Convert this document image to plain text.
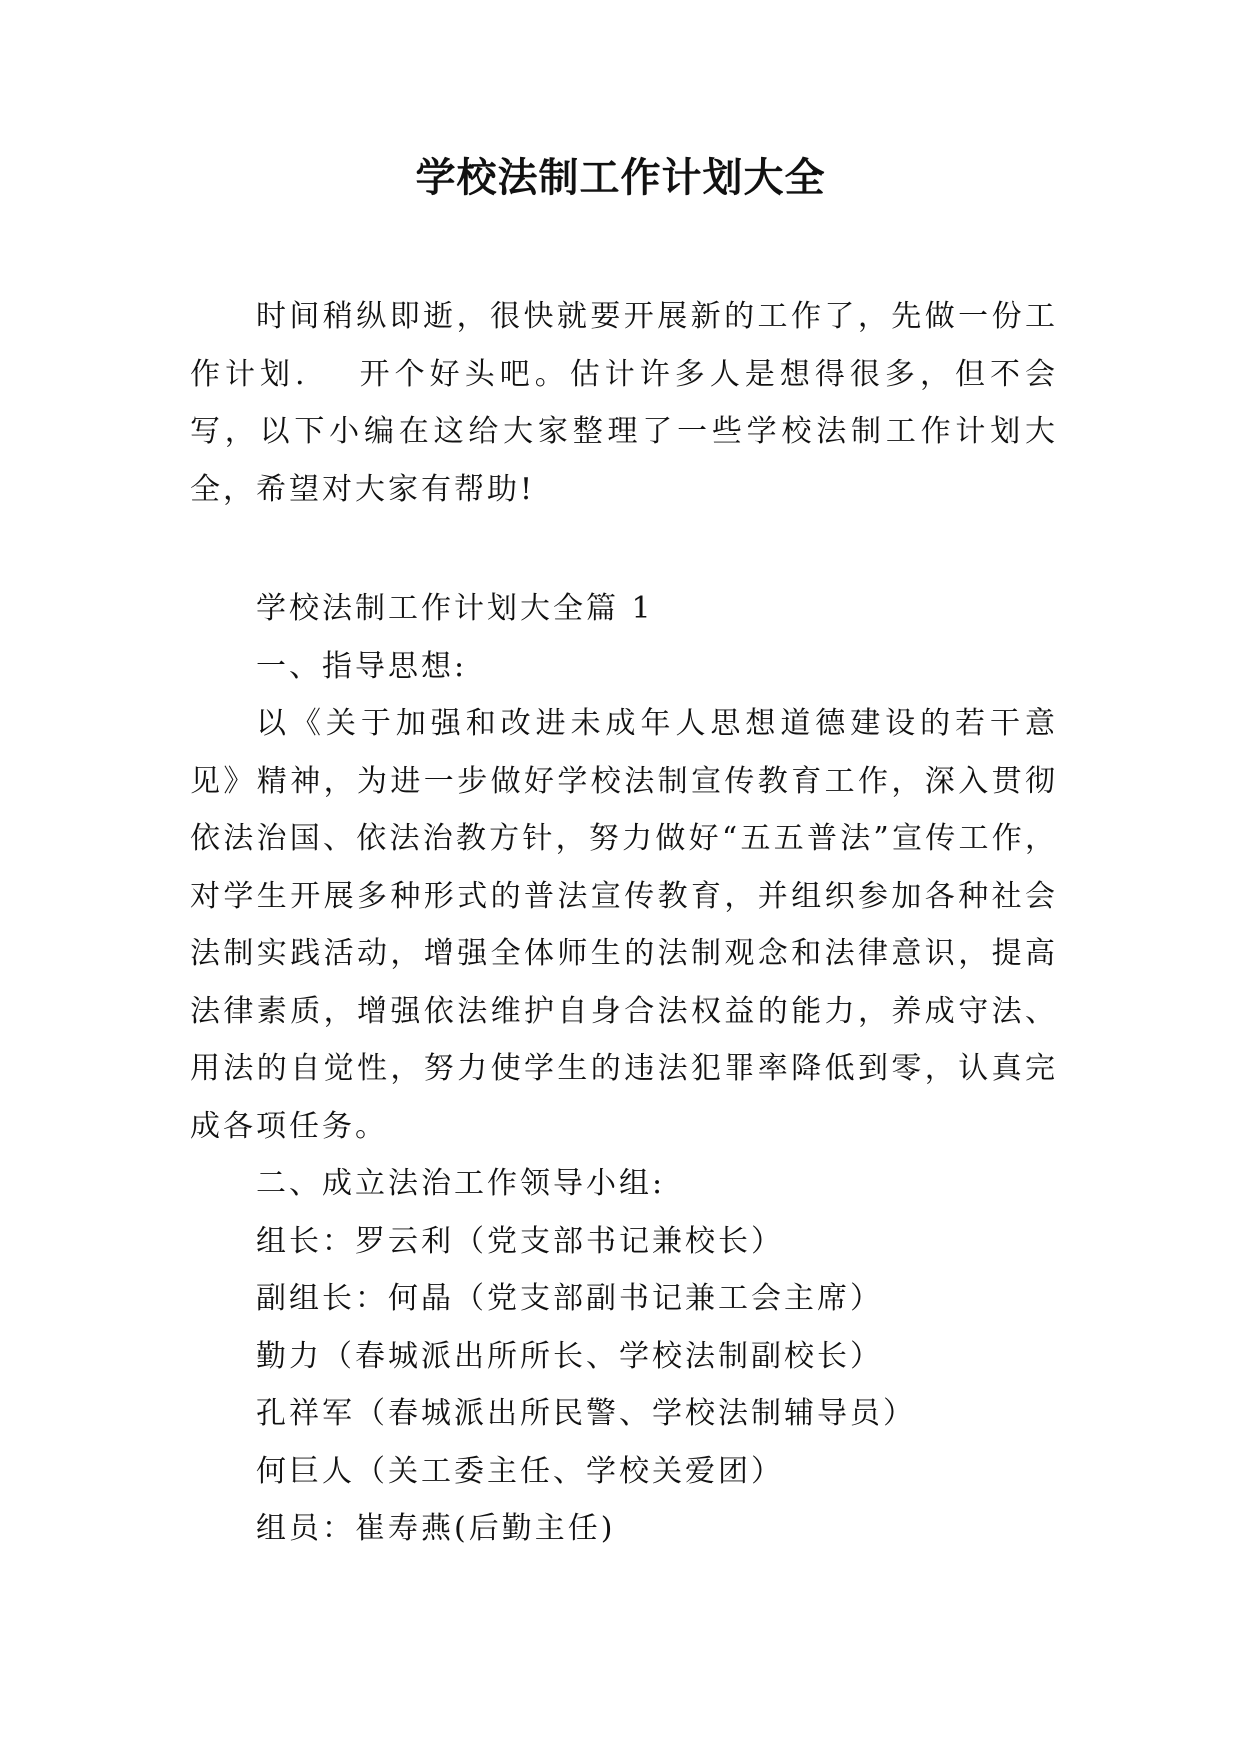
学校法制工作计划大全

时间稍纵即逝，很快就要开展新的工作了，先做一份工作计划. 开个好头吧。估计许多人是想得很多，但不会写，以下小编在这给大家整理了一些学校法制工作计划大全，希望对大家有帮助!

学校法制工作计划大全篇 1

一、指导思想:

以《关于加强和改进未成年人思想道德建设的若干意见》精神，为进一步做好学校法制宣传教育工作，深入贯彻依法治国、依法治教方针，努力做好“五五普法”宣传工作，对学生开展多种形式的普法宣传教育，并组织参加各种社会法制实践活动，增强全体师生的法制观念和法律意识，提高法律素质，增强依法维护自身合法权益的能力，养成守法、用法的自觉性，努力使学生的违法犯罪率降低到零，认真完成各项任务。

二、成立法治工作领导小组:

组长：罗云利（党支部书记兼校长）

副组长：何晶（党支部副书记兼工会主席）

勤力（春城派出所所长、学校法制副校长）

孔祥军（春城派出所民警、学校法制辅导员）

何巨人（关工委主任、学校关爱团）

组员：崔寿燕(后勤主任)
